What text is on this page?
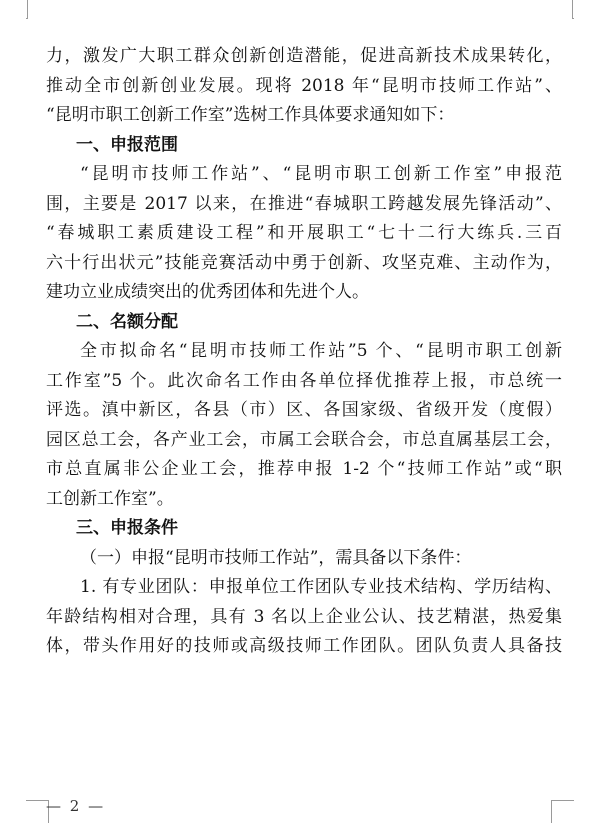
力，激发广大职工群众创新创造潜能，促进高新技术成果转化，
推动全市创新创业发展。现将 2018 年“昆明市技师工作站”、
“昆明市职工创新工作室”选树工作具体要求通知如下：
一、申报范围
“昆明市技师工作站”、“昆明市职工创新工作室”申报范
围，主要是 2017 以来，在推进“春城职工跨越发展先锋活动”、
“春城职工素质建设工程”和开展职工“七十二行大练兵.三百
六十行出状元”技能竞赛活动中勇于创新、攻坚克难、主动作为，
建功立业成绩突出的优秀团体和先进个人。
二、名额分配
全市拟命名“昆明市技师工作站”5 个、“昆明市职工创新
工作室”5 个。此次命名工作由各单位择优推荐上报，市总统一
评选。滇中新区，各县（市）区、各国家级、省级开发（度假）
园区总工会，各产业工会，市属工会联合会，市总直属基层工会，
市总直属非公企业工会，推荐申报 1-2 个“技师工作站”或“职
工创新工作室”。
三、申报条件
（一）申报“昆明市技师工作站”，需具备以下条件：
1. 有专业团队：申报单位工作团队专业技术结构、学历结构、
年龄结构相对合理，具有 3 名以上企业公认、技艺精湛，热爱集
体，带头作用好的技师或高级技师工作团队。团队负责人具备技
— 2 —
